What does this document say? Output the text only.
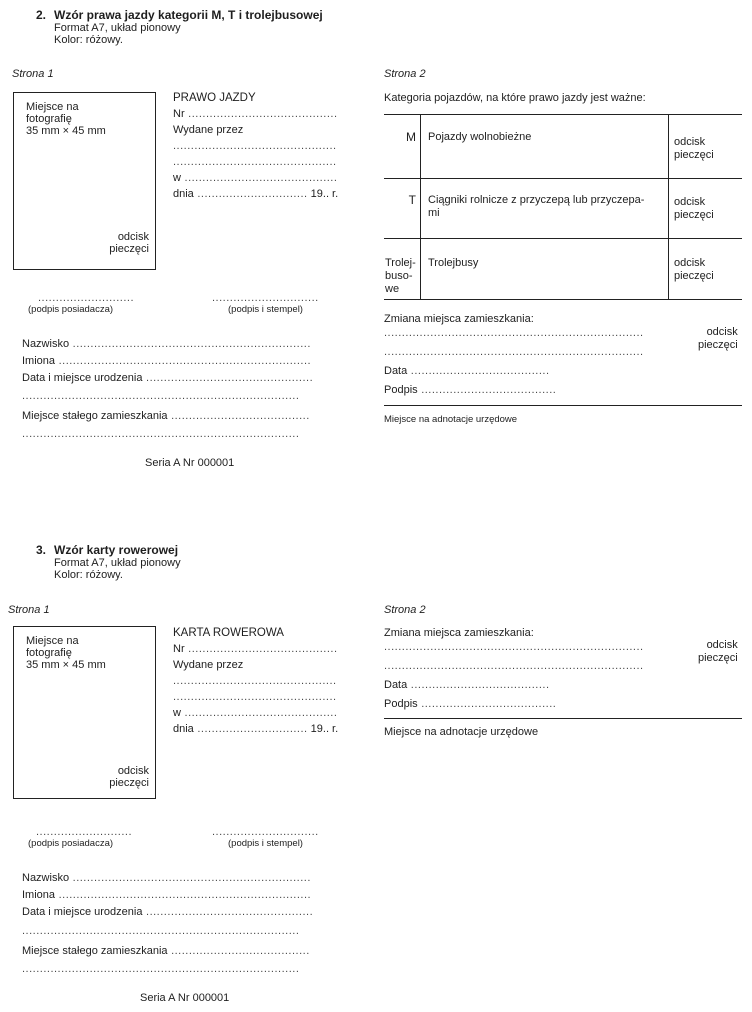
2. Wzór prawa jazdy kategorii M, T i trolejbusowej
Format A7, układ pionowy
Kolor: różowy.
Strona 1
Miejsce na
fotografię
35 mm × 45 mm
odcisk
pieczęci
PRAWO JAZDY
Nr ..........................................
Wydane przez
..............................................
..............................................
w ...........................................
dnia ............................... 19.. r.
...........................
(podpis posiadacza)
..............................
(podpis i stempel)
Nazwisko ...................................................................
Imiona .......................................................................
Data i miejsce urodzenia ...............................................
..............................................................................
Miejsce stałego zamieszkania .......................................
..............................................................................
Seria A Nr 000001
Strona 2
Kategoria pojazdów, na które prawo jazdy jest ważne:
M Pojazdy wolnobieżne	odcisk
pieczęci
T Ciągniki rolnicze z przyczepą lub przyczepa-
mi
odcisk
pieczęci
Trolej-
buso-
we
Trolejbusy	odcisk
pieczęci
Zmiana miejsca zamieszkania:
.........................................................................
.........................................................................
odcisk
pieczęci
Data .......................................
Podpis ......................................
Miejsce na adnotacje urzędowe
3. Wzór karty rowerowej
Format A7, układ pionowy
Kolor: różowy.
Strona 1
Miejsce na
fotografię
35 mm × 45 mm
odcisk
pieczęci
KARTA ROWEROWA
Nr ..........................................
Wydane przez
..............................................
..............................................
w ...........................................
dnia ............................... 19.. r.
...........................
(podpis posiadacza)
..............................
(podpis i stempel)
Nazwisko ...................................................................
Imiona .......................................................................
Data i miejsce urodzenia ...............................................
..............................................................................
Miejsce stałego zamieszkania .......................................
..............................................................................
Seria A Nr 000001
Strona 2
Zmiana miejsca zamieszkania:
.........................................................................
.........................................................................
odcisk
pieczęci
Data .......................................
Podpis ......................................
Miejsce na adnotacje urzędowe
